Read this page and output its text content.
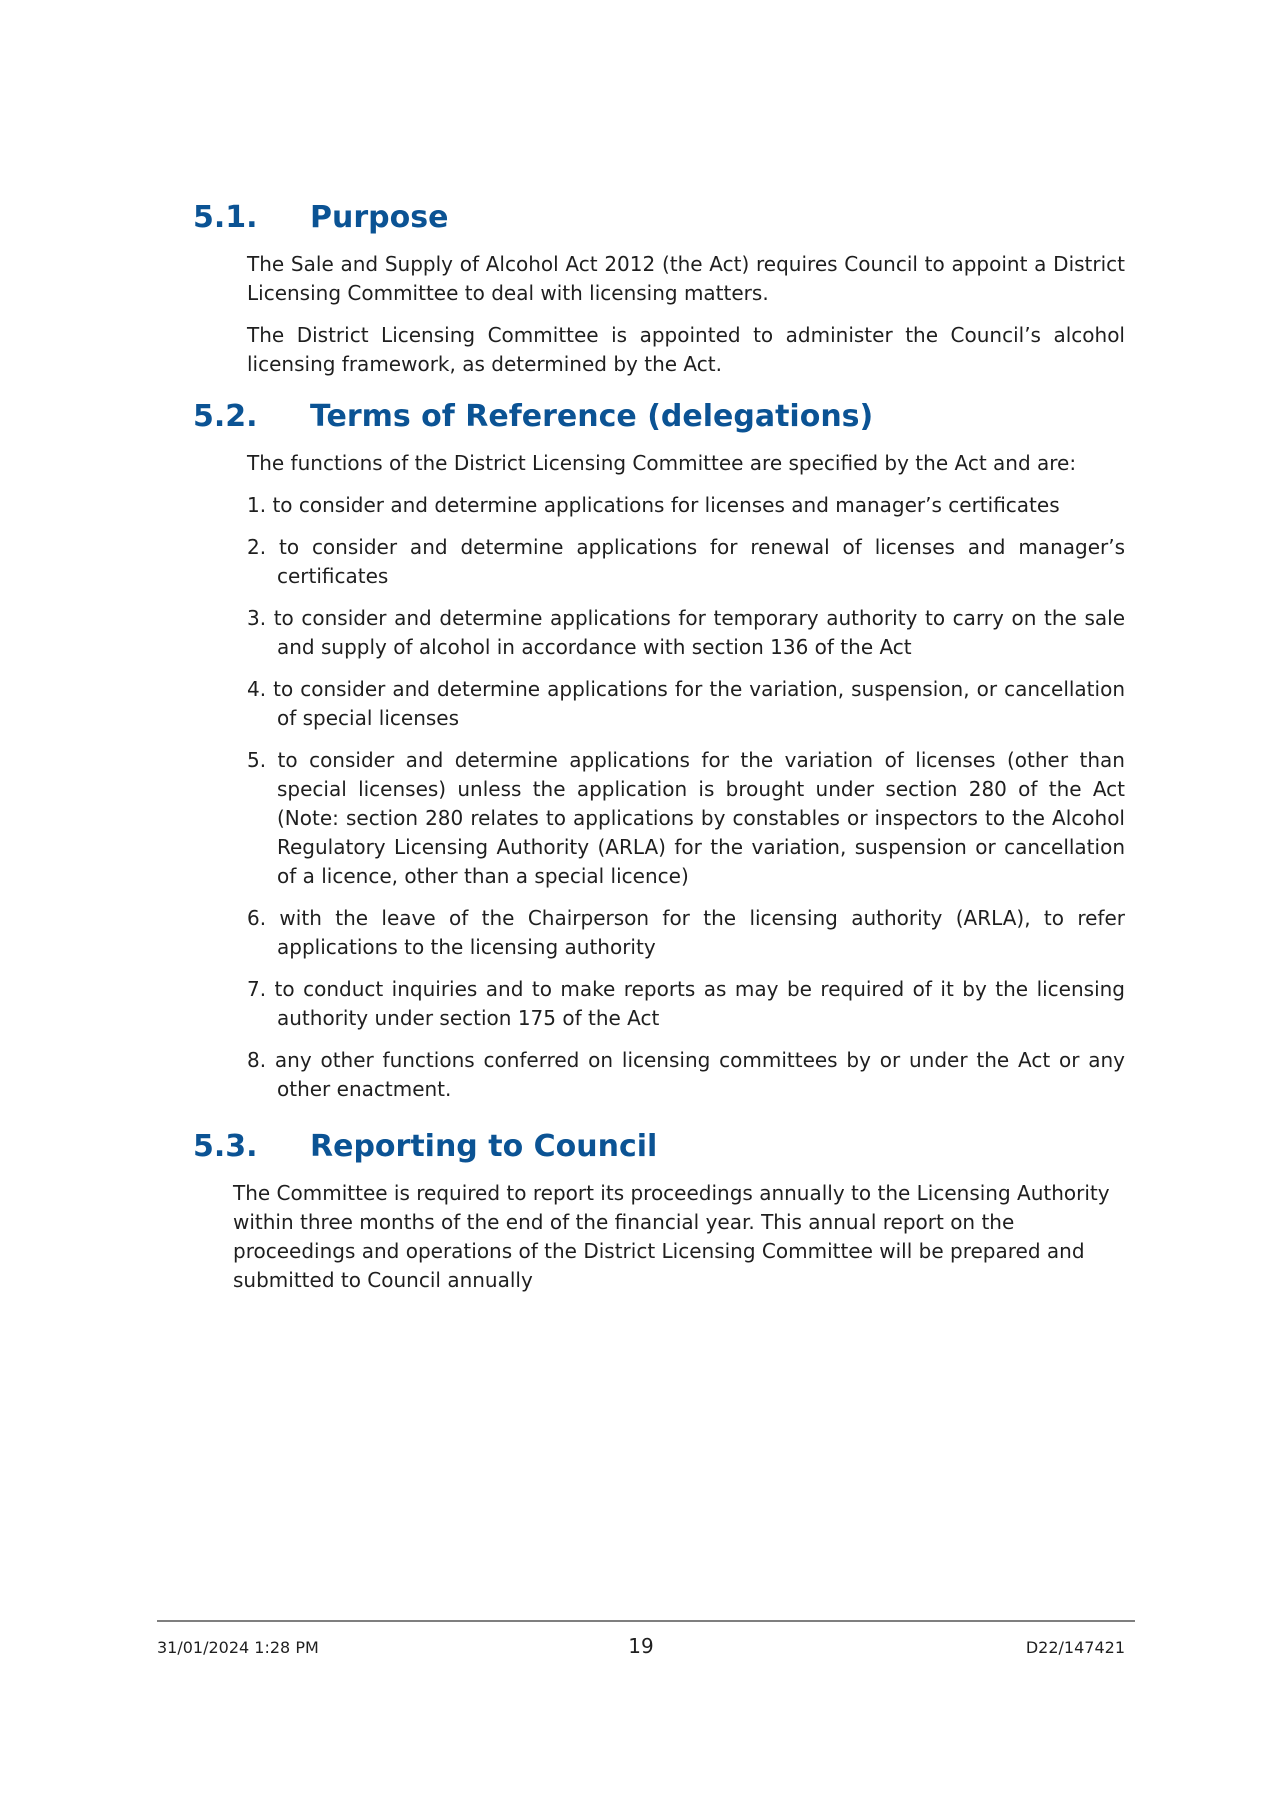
5.1.	Purpose

The Sale and Supply of Alcohol Act 2012 (the Act) requires Council to appoint a District Licensing Committee to deal with licensing matters.

The District Licensing Committee is appointed to administer the Council’s alcohol licensing framework, as determined by the Act.

5.2.	Terms of Reference (delegations)

The functions of the District Licensing Committee are specified by the Act and are:

1. to consider and determine applications for licenses and manager’s certificates
2. to consider and determine applications for renewal of licenses and manager’s certificates
3. to consider and determine applications for temporary authority to carry on the sale and supply of alcohol in accordance with section 136 of the Act
4. to consider and determine applications for the variation, suspension, or cancellation of special licenses
5. to consider and determine applications for the variation of licenses (other than special licenses) unless the application is brought under section 280 of the Act (Note: section 280 relates to applications by constables or inspectors to the Alcohol Regulatory Licensing Authority (ARLA) for the variation, suspension or cancellation of a licence, other than a special licence)
6. with the leave of the Chairperson for the licensing authority (ARLA), to refer applications to the licensing authority
7. to conduct inquiries and to make reports as may be required of it by the licensing authority under section 175 of the Act
8. any other functions conferred on licensing committees by or under the Act or any other enactment.
5.3.	Reporting to Council

The Committee is required to report its proceedings annually to the Licensing Authority within three months of the end of the financial year. This annual report on the proceedings and operations of the District Licensing Committee will be prepared and submitted to Council annually

31/01/2024 1:28 PM	19	D22/147421
